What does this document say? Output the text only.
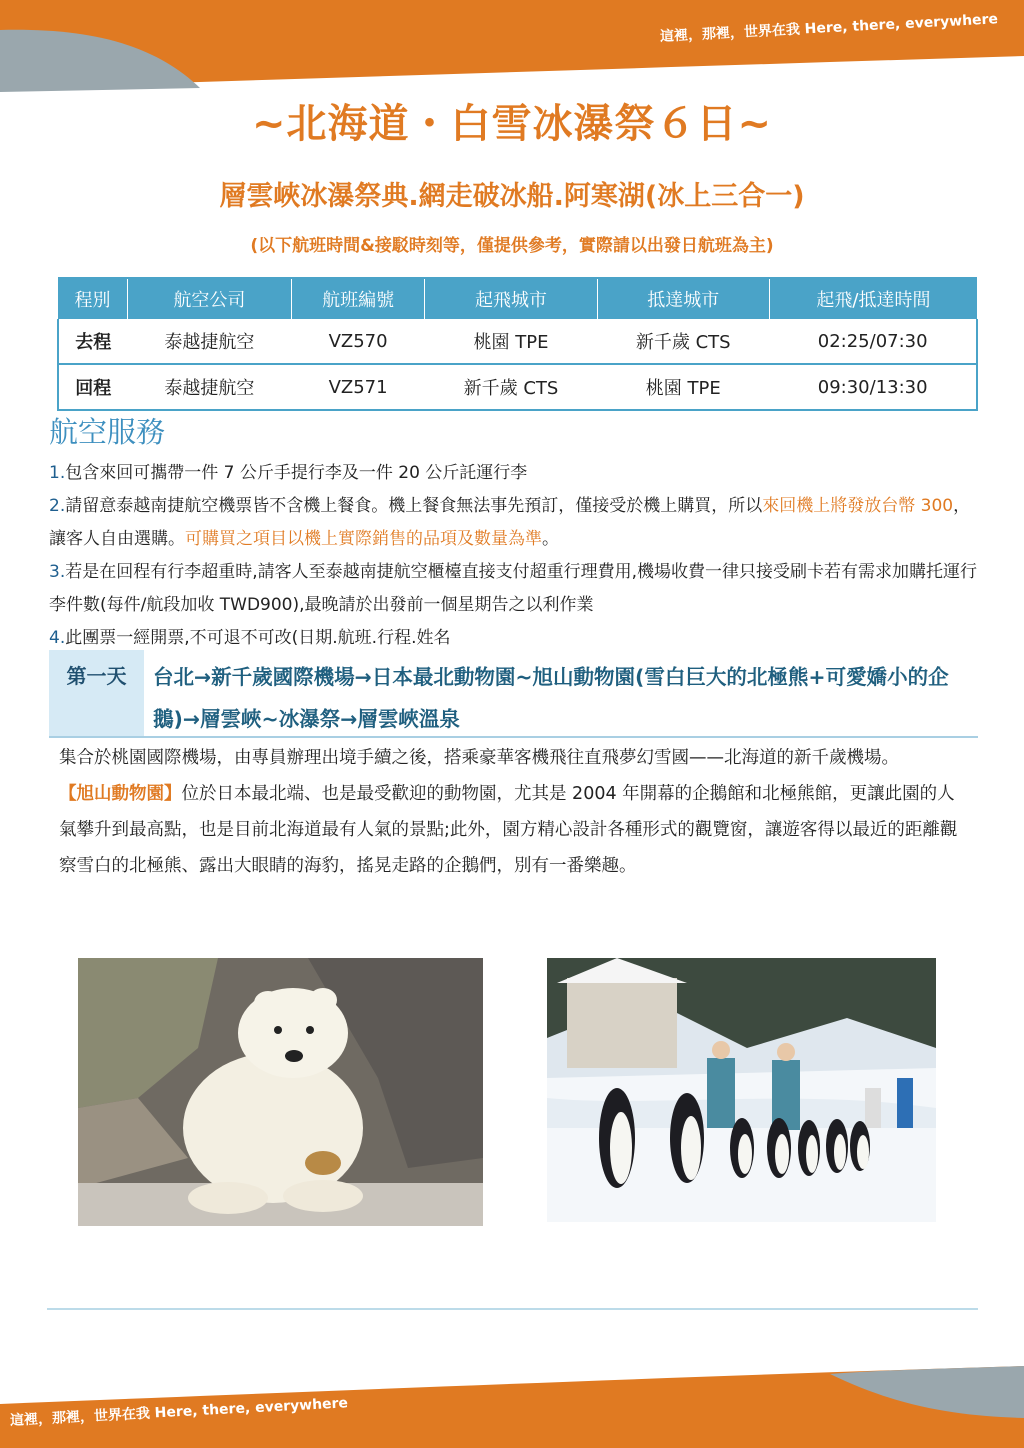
這裡，那裡，世界在我 Here, there, everywhere
~北海道・白雪冰瀑祭６日~
層雲峽冰瀑祭典.網走破冰船.阿寒湖(冰上三合一)
(以下航班時間&接駁時刻等，僅提供參考，實際請以出發日航班為主)
程別	航空公司	航班編號	起飛城市	抵達城市	起飛/抵達時間
去程	泰越捷航空	VZ570	桃園 TPE	新千歲 CTS	02:25/07:30
回程	泰越捷航空	VZ571	新千歲 CTS	桃園 TPE	09:30/13:30
航空服務

1.包含來回可攜帶一件 7 公斤手提行李及一件 20 公斤託運行李

2.請留意泰越南捷航空機票皆不含機上餐食。機上餐食無法事先預訂，僅接受於機上購買，所以來回機上將發放台幣 300，讓客人自由選購。可購買之項目以機上實際銷售的品項及數量為準。

3.若是在回程有行李超重時,請客人至泰越南捷航空櫃檯直接支付超重行理費用,機場收費一律只接受刷卡若有需求加購托運行李件數(每件/航段加收 TWD900),最晚請於出發前一個星期告之以利作業

4.此團票一經開票,不可退不可改(日期.航班.行程.姓名

第一天	台北→新千歲國際機場→日本最北動物園~旭山動物園(雪白巨大的北極熊+可愛嬌小的企鵝)→層雲峽~冰瀑祭→層雲峽溫泉

集合於桃園國際機場，由專員辦理出境手續之後，搭乘豪華客機飛往直飛夢幻雪國——北海道的新千歲機場。

【旭山動物園】位於日本最北端、也是最受歡迎的動物園，尤其是 2004 年開幕的企鵝館和北極熊館，更讓此園的人氣攀升到最高點，也是目前北海道最有人氣的景點;此外，園方精心設計各種形式的觀覽窗，讓遊客得以最近的距離觀察雪白的北極熊、露出大眼睛的海豹，搖晃走路的企鵝們，別有一番樂趣。

這裡，那裡，世界在我 Here, there, everywhere
